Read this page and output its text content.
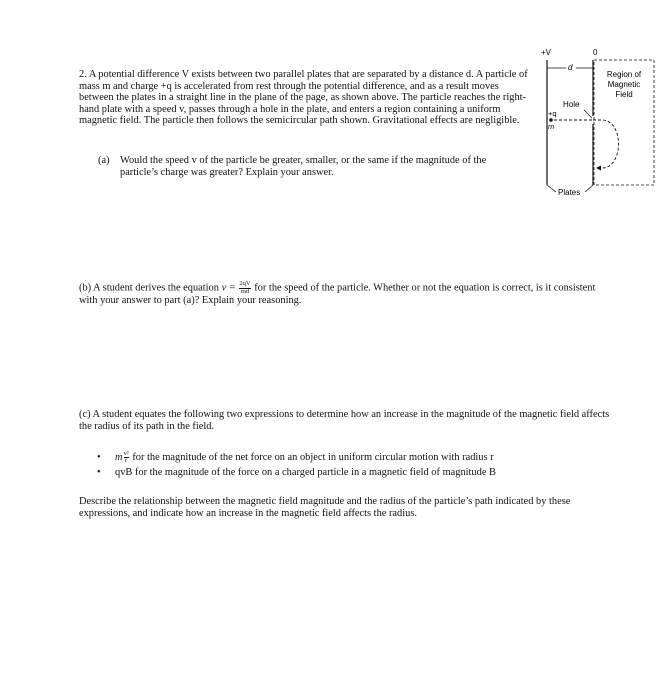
2. A potential difference V exists between two parallel plates that are separated by a distance d. A particle of mass m and charge +q is accelerated from rest through the potential difference, and as a result moves between the plates in a straight line in the plane of the page, as shown above. The particle reaches the right-hand plate with a speed v, passes through a hole in the plate, and enters a region containing a uniform magnetic field. The particle then follows the semicircular path shown. Gravitational effects are negligible.
(a) Would the speed v of the particle be greater, smaller, or the same if the magnitude of the particle’s charge was greater? Explain your answer.
(b) A student derives the equation $v = \frac{2qV}{md}$ for the speed of the particle. Whether or not the equation is correct, is it consistent with your answer to part (a)? Explain your reasoning.
(c) A student equates the following two expressions to determine how an increase in the magnitude of the magnetic field affects the radius of its path in the field.
• m $\frac{\text{v²}}{r}$ for the magnitude of the net force on an object in uniform circular motion with radius r
• qvB for the magnitude of the force on a charged particle in a magnetic field of magnitude B
Describe the relationship between the magnetic field magnitude and the radius of the particle’s path indicated by these expressions, and indicate how an increase in the magnetic field affects the radius.
+V	0
d
Hole
+q
m
Plates
Region of
Magnetic
Field
